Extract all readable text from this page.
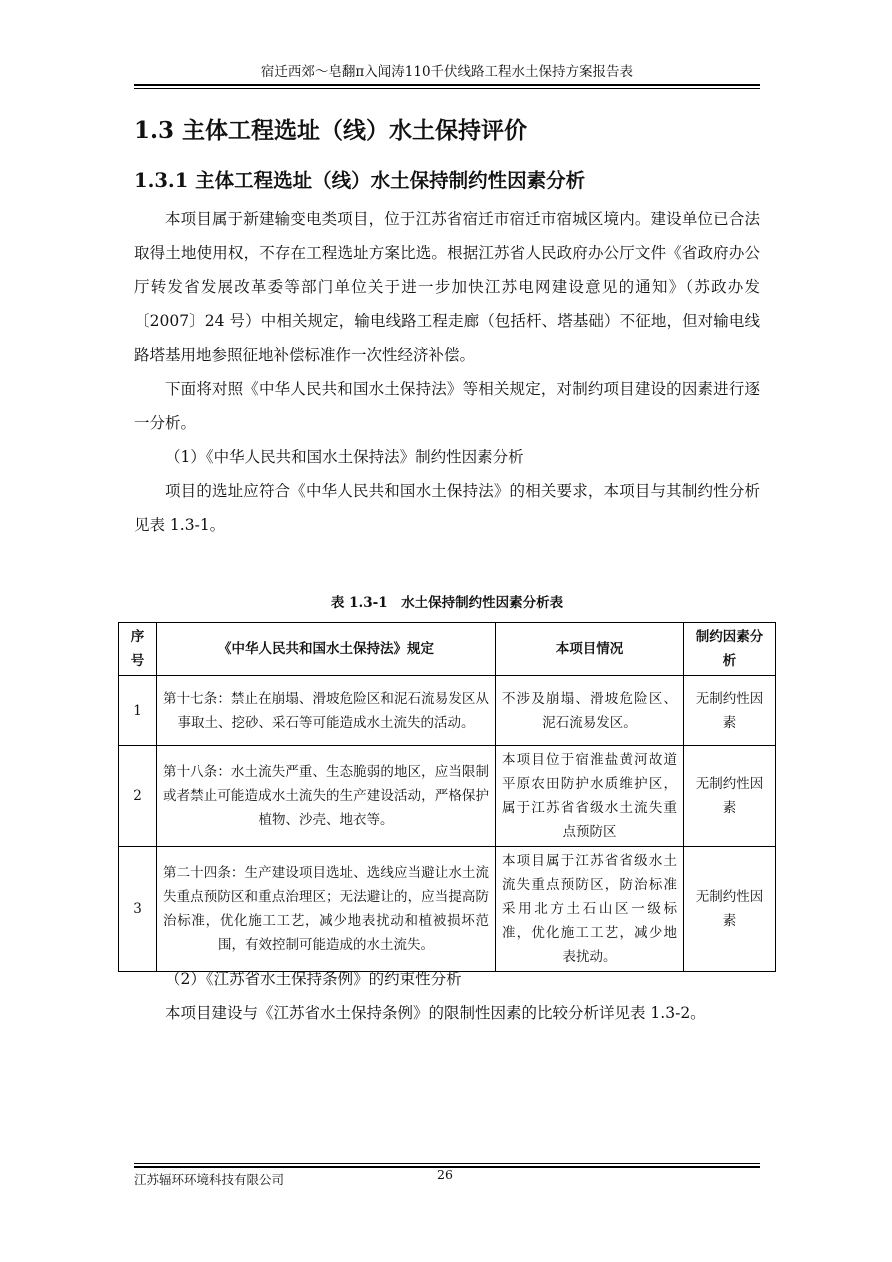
宿迁西郊～皂翻π入闻涛110千伏线路工程水土保持方案报告表
1.3 主体工程选址（线）水土保持评价
1.3.1 主体工程选址（线）水土保持制约性因素分析

本项目属于新建输变电类项目，位于江苏省宿迁市宿迁市宿城区境内。建设单位已合法取得土地使用权，不存在工程选址方案比选。根据江苏省人民政府办公厅文件《省政府办公厅转发省发展改革委等部门单位关于进一步加快江苏电网建设意见的通知》（苏政办发〔2007〕24 号）中相关规定，输电线路工程走廊（包括杆、塔基础）不征地，但对输电线路塔基用地参照征地补偿标准作一次性经济补偿。

下面将对照《中华人民共和国水土保持法》等相关规定，对制约项目建设的因素进行逐一分析。

（1）《中华人民共和国水土保持法》制约性因素分析

项目的选址应符合《中华人民共和国水土保持法》的相关要求，本项目与其制约性分析见表 1.3-1。

表 1.3-1　水土保持制约性因素分析表
序号	《中华人民共和国水土保持法》规定	本项目情况	制约因素分析
1	第十七条：禁止在崩塌、滑坡危险区和泥石流易发区从事取土、挖砂、采石等可能造成水土流失的活动。	不涉及崩塌、滑坡危险区、泥石流易发区。	无制约性因素
2	第十八条：水土流失严重、生态脆弱的地区，应当限制或者禁止可能造成水土流失的生产建设活动，严格保护植物、沙壳、地衣等。	本项目位于宿淮盐黄河故道平原农田防护水质维护区，属于江苏省省级水土流失重点预防区	无制约性因素
3	第二十四条：生产建设项目选址、选线应当避让水土流失重点预防区和重点治理区；无法避让的，应当提高防治标准，优化施工工艺，减少地表扰动和植被损坏范围，有效控制可能造成的水土流失。	本项目属于江苏省省级水土流失重点预防区，防治标准采用北方土石山区一级标准，优化施工工艺，减少地表扰动。	无制约性因素

（2）《江苏省水土保持条例》的约束性分析

本项目建设与《江苏省水土保持条例》的限制性因素的比较分析详见表 1.3-2。

26
江苏辐环环境科技有限公司
